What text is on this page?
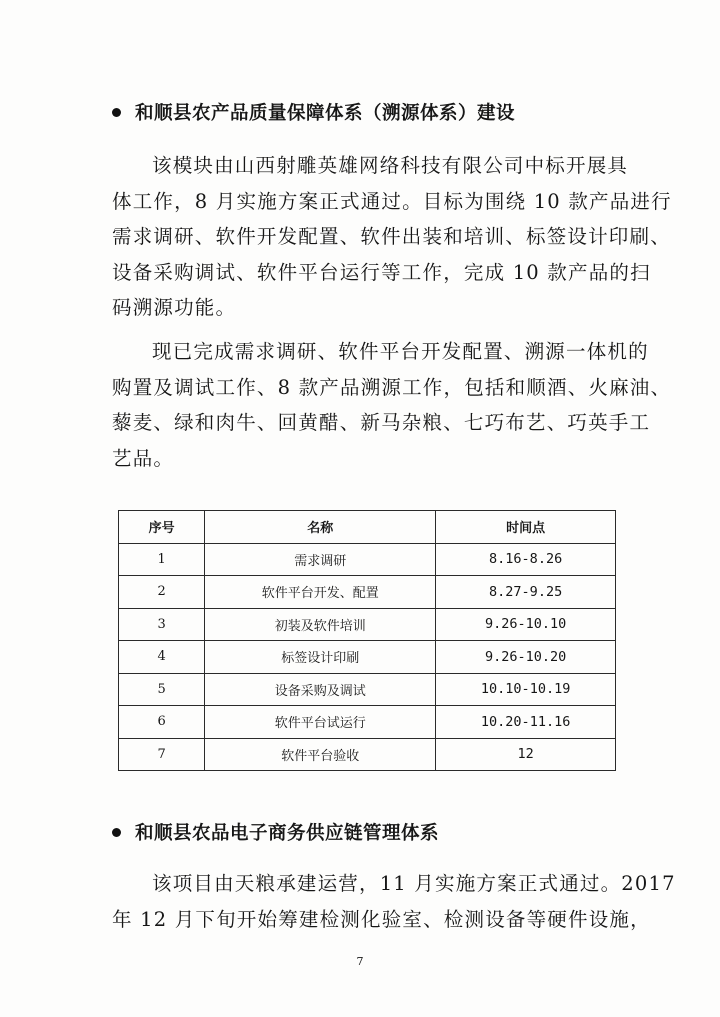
和顺县农产品质量保障体系（溯源体系）建设
该模块由山西射雕英雄网络科技有限公司中标开展具
体工作，8 月实施方案正式通过。目标为围绕 10 款产品进行
需求调研、软件开发配置、软件出装和培训、标签设计印刷、
设备采购调试、软件平台运行等工作，完成 10 款产品的扫
码溯源功能。
现已完成需求调研、软件平台开发配置、溯源一体机的
购置及调试工作、8 款产品溯源工作，包括和顺酒、火麻油、
藜麦、绿和肉牛、回黄醋、新马杂粮、七巧布艺、巧英手工
艺品。
序号	名称	时间点
1	需求调研	8.16-8.26
2	软件平台开发、配置	8.27-9.25
3	初装及软件培训	9.26-10.10
4	标签设计印刷	9.26-10.20
5	设备采购及调试	10.10-10.19
6	软件平台试运行	10.20-11.16
7	软件平台验收	12
和顺县农品电子商务供应链管理体系
该项目由天粮承建运营，11 月实施方案正式通过。2017
年 12 月下旬开始筹建检测化验室、检测设备等硬件设施，
7
